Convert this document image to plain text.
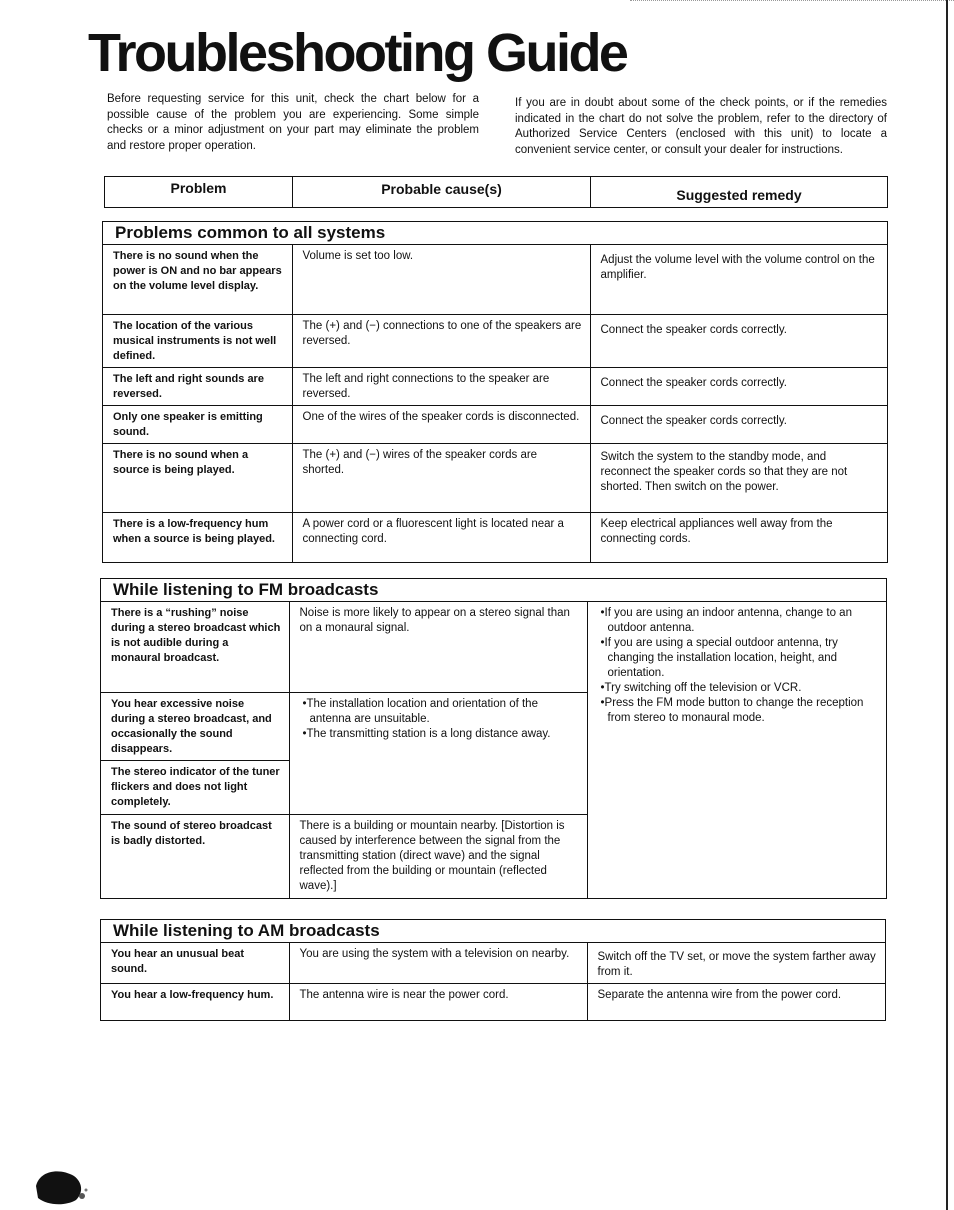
Troubleshooting Guide

Before requesting service for this unit, check the chart below for a possible cause of the problem you are experiencing. Some simple checks or a minor adjustment on your part may eliminate the problem and restore proper operation.

If you are in doubt about some of the check points, or if the remedies indicated in the chart do not solve the problem, refer to the directory of Authorized Service Centers (enclosed with this unit) to locate a convenient service center, or consult your dealer for instructions.

Problem	Probable cause(s)	Suggested remedy
Problems common to all systems
There is no sound when the power is ON and no bar appears on the volume level display.	Volume is set too low.	Adjust the volume level with the volume control on the amplifier.
The location of the various musical instruments is not well defined.	The (+) and (−) connections to one of the speakers are reversed.	Connect the speaker cords correctly.
The left and right sounds are reversed.	The left and right connections to the speaker are reversed.	Connect the speaker cords correctly.
Only one speaker is emitting sound.	One of the wires of the speaker cords is disconnected.	Connect the speaker cords correctly.
There is no sound when a source is being played.	The (+) and (−) wires of the speaker cords are shorted.	Switch the system to the standby mode, and reconnect the speaker cords so that they are not shorted. Then switch on the power.
There is a low-frequency hum when a source is being played.	A power cord or a fluorescent light is located near a connecting cord.	Keep electrical appliances well away from the connecting cords.
While listening to FM broadcasts
There is a “rushing” noise during a stereo broadcast which is not audible during a monaural broadcast.	Noise is more likely to appear on a stereo signal than on a monaural signal.	•If you are using an indoor antenna, change to an outdoor antenna.
•If you are using a special outdoor antenna, try changing the installation location, height, and orientation.
•Try switching off the television or VCR.
•Press the FM mode button to change the reception from stereo to monaural mode.

You hear excessive noise during a stereo broadcast, and occasionally the sound disappears.	•The installation location and orientation of the antenna are unsuitable.
•The transmitting station is a long distance away.	

The stereo indicator of the tuner flickers and does not light completely.		
The sound of stereo broadcast is badly distorted.	There is a building or mountain nearby. [Distortion is caused by interference between the signal from the transmitting station (direct wave) and the signal reflected from the building or mountain (reflected wave).]	
While listening to AM broadcasts
You hear an unusual beat sound.	You are using the system with a television on nearby.	Switch off the TV set, or move the system farther away from it.
You hear a low-frequency hum.	The antenna wire is near the power cord.	Separate the antenna wire from the power cord.
